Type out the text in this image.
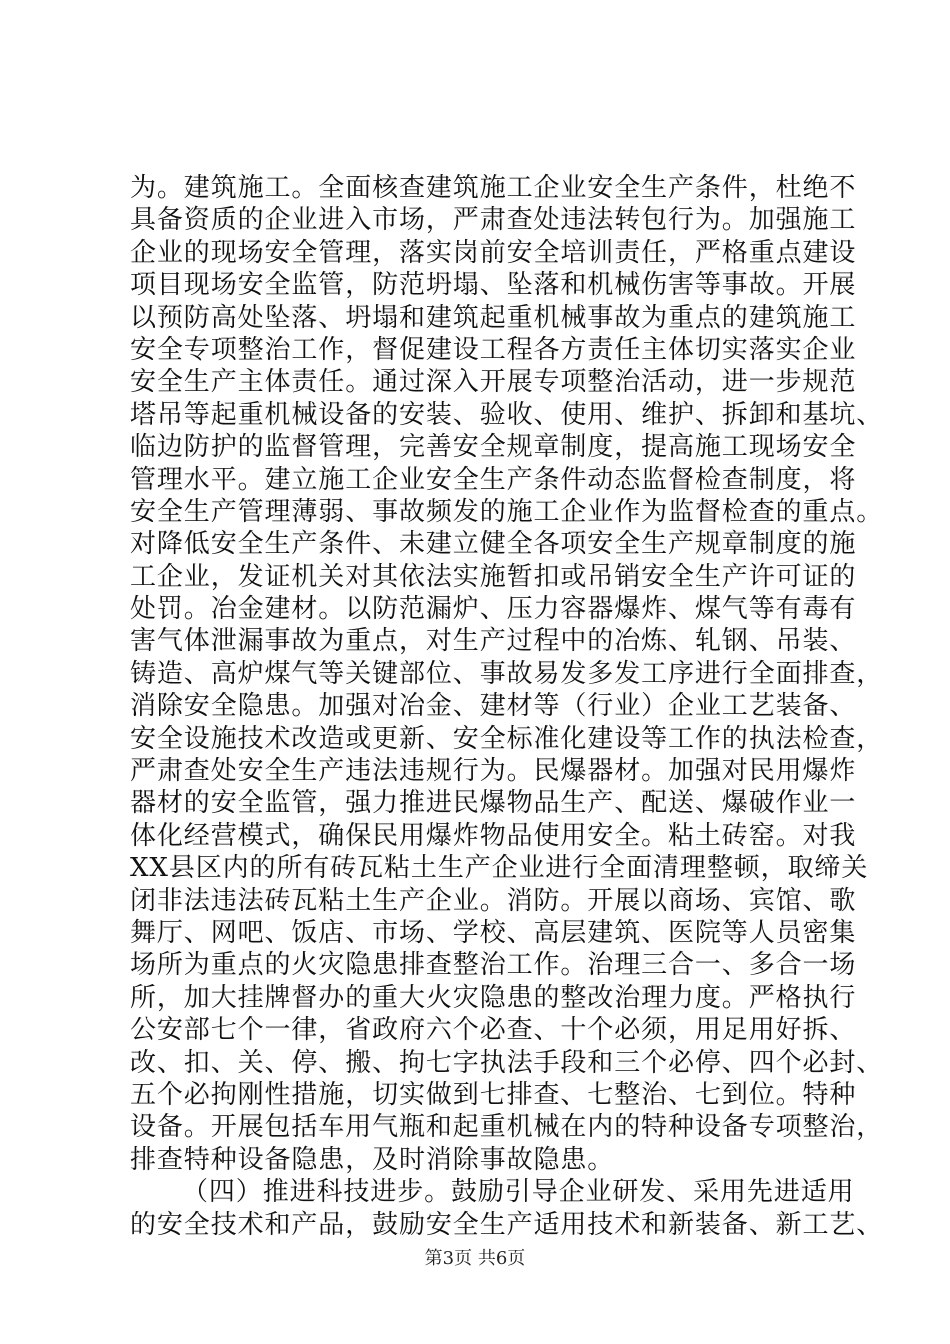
为。建筑施工。全面核查建筑施工企业安全生产条件，杜绝不
具备资质的企业进入市场，严肃查处违法转包行为。加强施工
企业的现场安全管理，落实岗前安全培训责任，严格重点建设
项目现场安全监管，防范坍塌、坠落和机械伤害等事故。开展
以预防高处坠落、坍塌和建筑起重机械事故为重点的建筑施工
安全专项整治工作，督促建设工程各方责任主体切实落实企业
安全生产主体责任。通过深入开展专项整治活动，进一步规范
塔吊等起重机械设备的安装、验收、使用、维护、拆卸和基坑、
临边防护的监督管理，完善安全规章制度，提高施工现场安全
管理水平。建立施工企业安全生产条件动态监督检查制度，将
安全生产管理薄弱、事故频发的施工企业作为监督检查的重点。
对降低安全生产条件、未建立健全各项安全生产规章制度的施
工企业，发证机关对其依法实施暂扣或吊销安全生产许可证的
处罚。冶金建材。以防范漏炉、压力容器爆炸、煤气等有毒有
害气体泄漏事故为重点，对生产过程中的冶炼、轧钢、吊装、
铸造、高炉煤气等关键部位、事故易发多发工序进行全面排查，
消除安全隐患。加强对冶金、建材等（行业）企业工艺装备、
安全设施技术改造或更新、安全标准化建设等工作的执法检查，
严肃查处安全生产违法违规行为。民爆器材。加强对民用爆炸
器材的安全监管，强力推进民爆物品生产、配送、爆破作业一
体化经营模式，确保民用爆炸物品使用安全。粘土砖窑。对我
XX县区内的所有砖瓦粘土生产企业进行全面清理整顿，取缔关
闭非法违法砖瓦粘土生产企业。消防。开展以商场、宾馆、歌
舞厅、网吧、饭店、市场、学校、高层建筑、医院等人员密集
场所为重点的火灾隐患排查整治工作。治理三合一、多合一场
所，加大挂牌督办的重大火灾隐患的整改治理力度。严格执行
公安部七个一律，省政府六个必查、十个必须，用足用好拆、
改、扣、关、停、搬、拘七字执法手段和三个必停、四个必封、
五个必拘刚性措施，切实做到七排查、七整治、七到位。特种
设备。开展包括车用气瓶和起重机械在内的特种设备专项整治，
排查特种设备隐患，及时消除事故隐患。
（四）推进科技进步。鼓励引导企业研发、采用先进适用
的安全技术和产品，鼓励安全生产适用技术和新装备、新工艺、
第3页 共6页
